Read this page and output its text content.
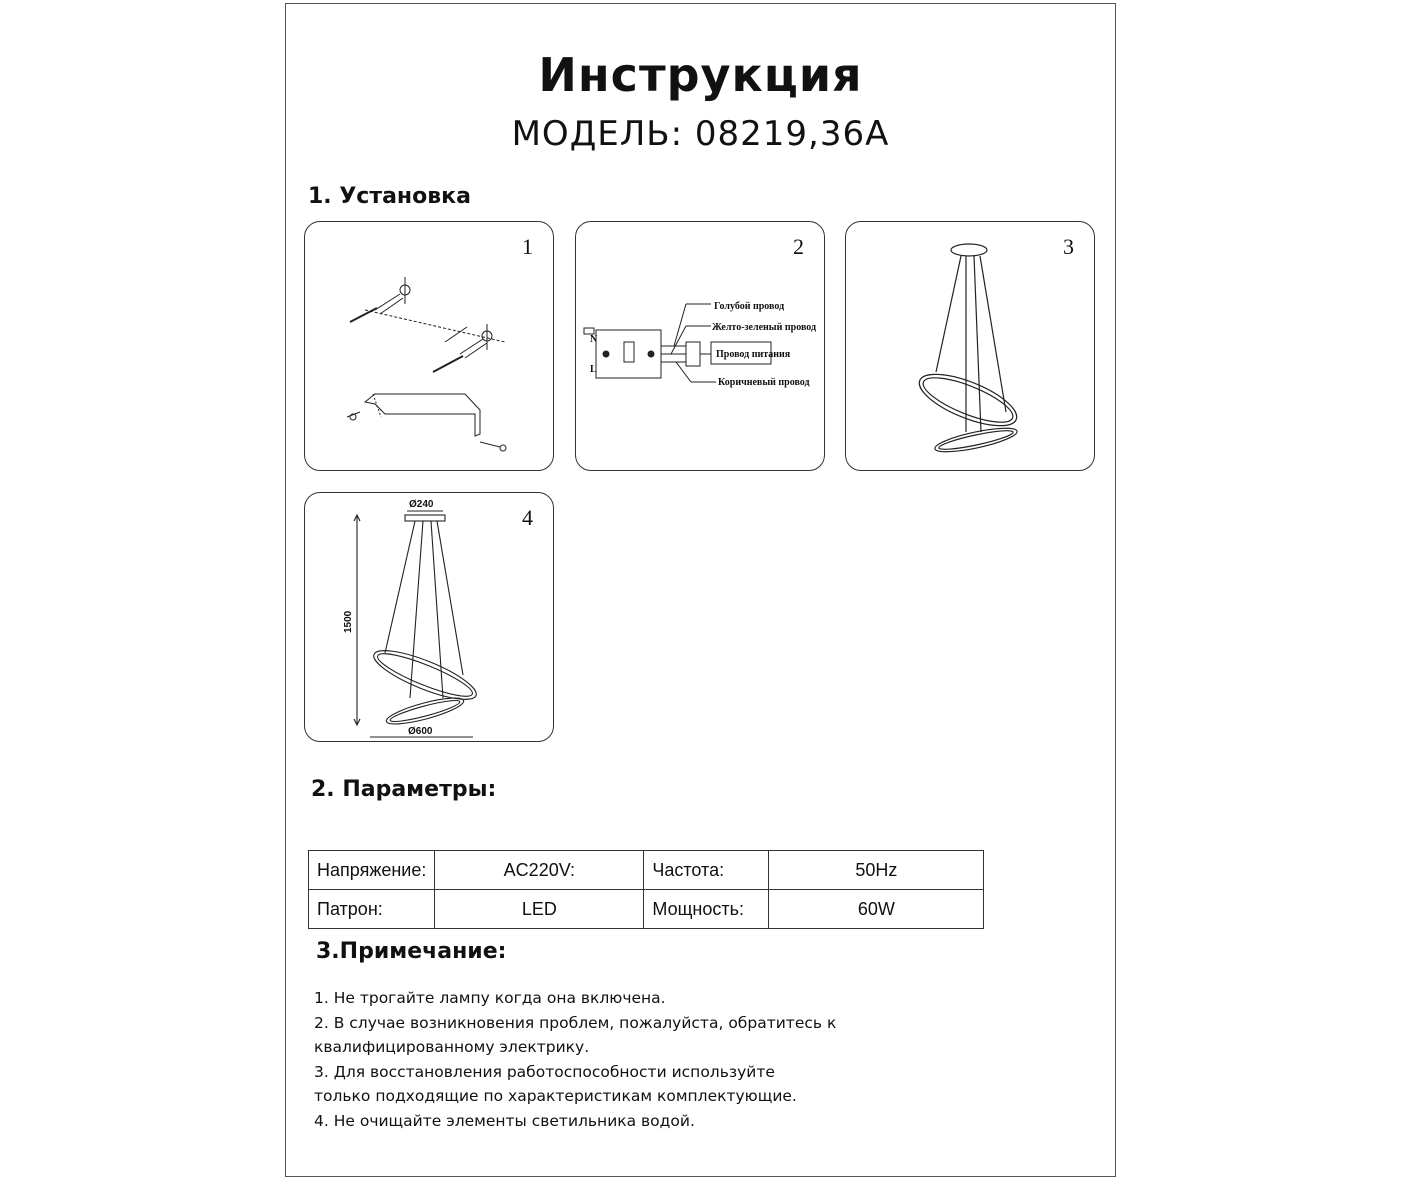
Инструкция
МОДЕЛЬ: 08219,36A
1. Установка
1	2
N
L
Голубой провод
Желто-зеленый провод
Провод питания
Коричневый провод
3
4
Ø240
1500
Ø600
2. Параметры:
Напряжение:	AC220V:	Частота:	50Hz
Патрон:	LED	Мощность:	60W
3.Примечание:
1. Не трогайте лампу когда она включена.
2. В случае возникновения проблем, пожалуйста, обратитесь к
квалифицированному электрику.
3. Для восстановления работоспособности используйте
только подходящие по характеристикам комплектующие.
4. Не очищайте элементы светильника водой.
